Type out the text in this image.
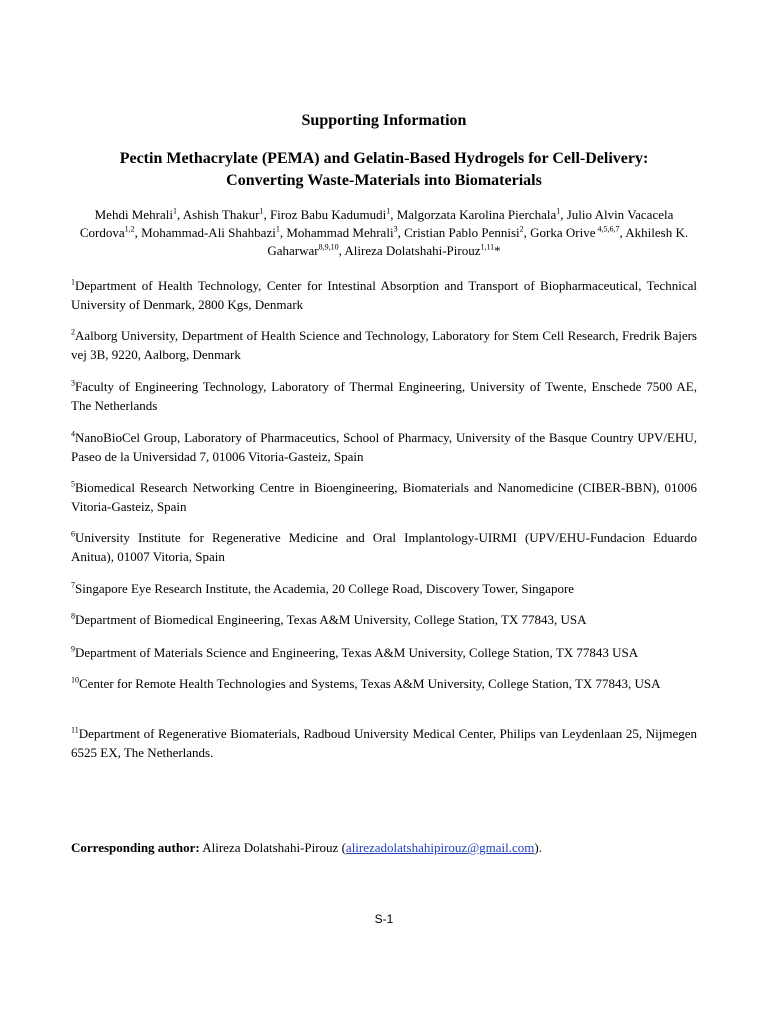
Supporting Information
Pectin Methacrylate (PEMA) and Gelatin-Based Hydrogels for Cell-Delivery:
Converting Waste-Materials into Biomaterials

Mehdi Mehrali$^1$, Ashish Thakur$^1$, Firoz Babu Kadumudi$^1$, Malgorzata Karolina Pierchala$^1$, Julio Alvin Vacacela Cordova$^{1,2}$, Mohammad-Ali Shahbazi$^1$, Mohammad Mehrali$^3$, Cristian Pablo Pennisi$^2$, Gorka Orive $^{4,5,6,7}$, Akhilesh K. Gaharwar$^{8,9,10}$, Alireza Dolatshahi-Pirouz$^{1,11}$*

$^1$Department of Health Technology, Center for Intestinal Absorption and Transport of Biopharmaceutical, Technical University of Denmark, 2800 Kgs, Denmark

$^2$Aalborg University, Department of Health Science and Technology, Laboratory for Stem Cell Research, Fredrik Bajers vej 3B, 9220, Aalborg, Denmark

$^3$Faculty of Engineering Technology, Laboratory of Thermal Engineering, University of Twente, Enschede 7500 AE, The Netherlands

$^4$NanoBioCel Group, Laboratory of Pharmaceutics, School of Pharmacy, University of the Basque Country UPV/EHU, Paseo de la Universidad 7, 01006 Vitoria-Gasteiz, Spain

$^5$Biomedical Research Networking Centre in Bioengineering, Biomaterials and Nanomedicine (CIBER-BBN), 01006 Vitoria-Gasteiz, Spain

$^6$University Institute for Regenerative Medicine and Oral Implantology-UIRMI (UPV/EHU-Fundacion Eduardo Anitua), 01007 Vitoria, Spain

$^7$Singapore Eye Research Institute, the Academia, 20 College Road, Discovery Tower, Singapore

$^8$Department of Biomedical Engineering, Texas A&M University, College Station, TX 77843, USA

$^9$Department of Materials Science and Engineering, Texas A&M University, College Station, TX 77843 USA

$^{10}$Center for Remote Health Technologies and Systems, Texas A&M University, College Station, TX 77843, USA

$^{11}$Department of Regenerative Biomaterials, Radboud University Medical Center, Philips van Leydenlaan 25, Nijmegen 6525 EX, The Netherlands.

Corresponding author: Alireza Dolatshahi-Pirouz (alirezadolatshahipirouz@gmail.com).

S-1
